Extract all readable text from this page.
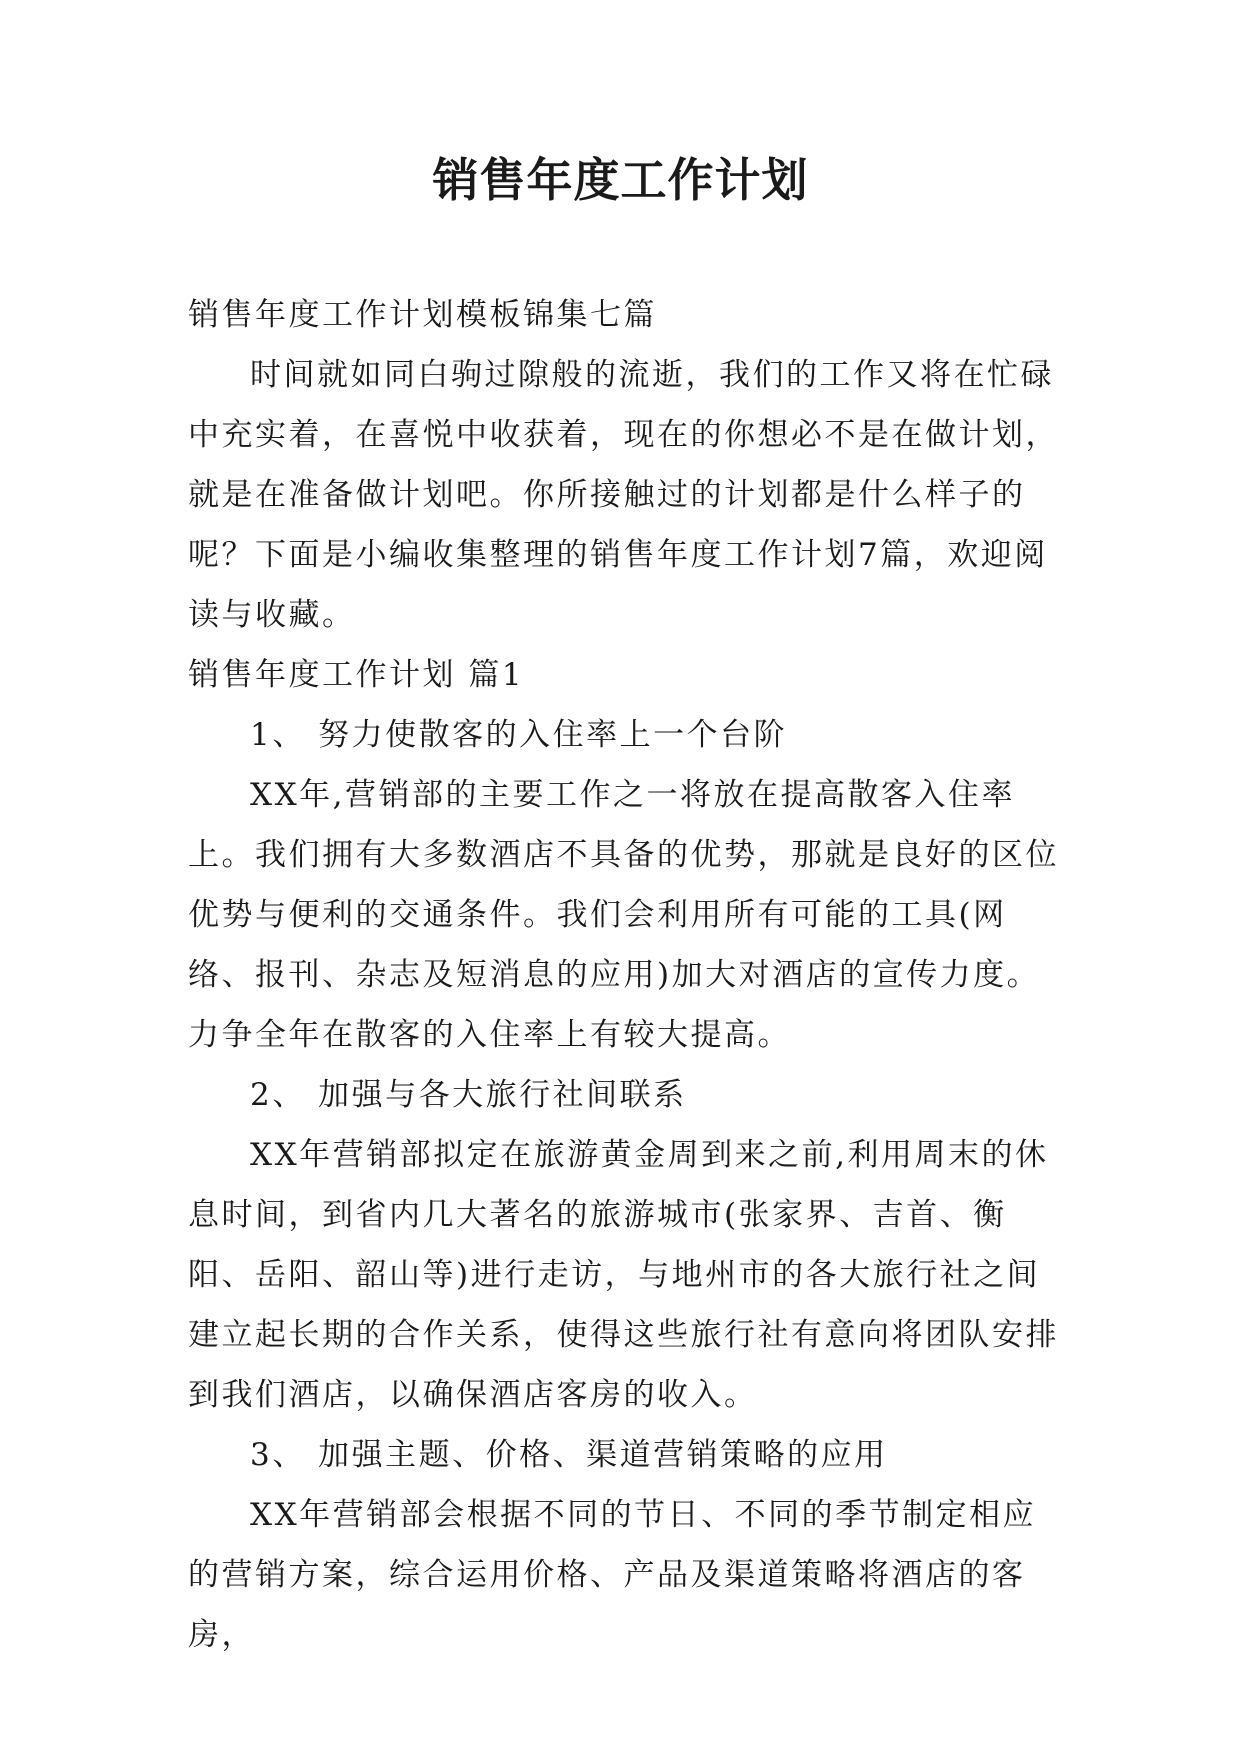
销售年度工作计划

销售年度工作计划模板锦集七篇

时间就如同白驹过隙般的流逝，我们的工作又将在忙碌中充实着，在喜悦中收获着，现在的你想必不是在做计划，就是在准备做计划吧。你所接触过的计划都是什么样子的呢？下面是小编收集整理的销售年度工作计划7篇，欢迎阅读与收藏。

销售年度工作计划 篇1

1、 努力使散客的入住率上一个台阶

XX年,营销部的主要工作之一将放在提高散客入住率上。我们拥有大多数酒店不具备的优势，那就是良好的区位优势与便利的交通条件。我们会利用所有可能的工具(网络、报刊、杂志及短消息的应用)加大对酒店的宣传力度。力争全年在散客的入住率上有较大提高。

2、 加强与各大旅行社间联系

XX年营销部拟定在旅游黄金周到来之前,利用周末的休息时间，到省内几大著名的旅游城市(张家界、吉首、衡阳、岳阳、韶山等)进行走访，与地州市的各大旅行社之间建立起长期的合作关系，使得这些旅行社有意向将团队安排到我们酒店，以确保酒店客房的收入。

3、 加强主题、价格、渠道营销策略的应用

XX年营销部会根据不同的节日、不同的季节制定相应的营销方案，综合运用价格、产品及渠道策略将酒店的客房，
